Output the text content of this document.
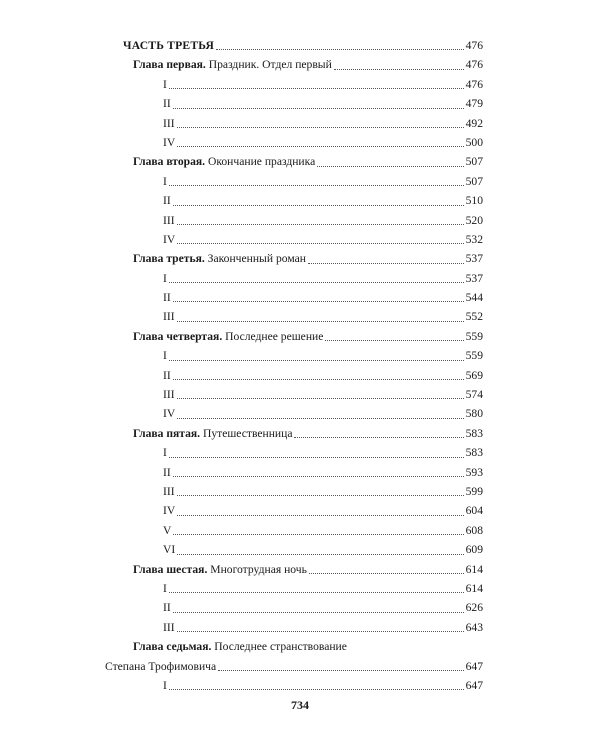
ЧАСТЬ ТРЕТЬЯ	476
Глава первая. Праздник. Отдел первый	476
I	476
II	479
III	492
IV	500
Глава вторая. Окончание праздника	507
I	507
II	510
III	520
IV	532
Глава третья. Законченный роман	537
I	537
II	544
III	552
Глава четвертая. Последнее решение	559
I	559
II	569
III	574
IV	580
Глава пятая. Путешественница	583
I	583
II	593
III	599
IV	604
V	608
VI	609
Глава шестая. Многотрудная ночь	614
I	614
II	626
III	643
Глава седьмая. Последнее странствование
Степана Трофимовича	647
I	647
734
